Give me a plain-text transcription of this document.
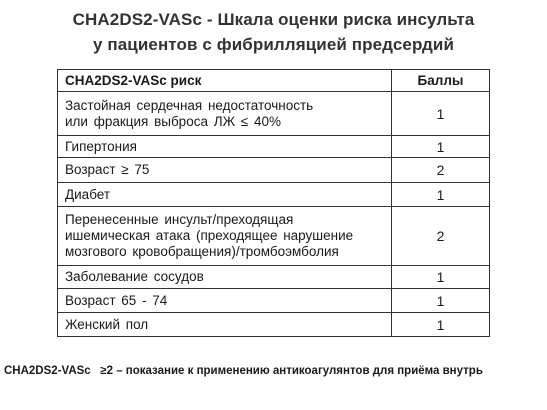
CHA2DS2-VASc - Шкала оценки риска инсульта
у пациентов с фибрилляцией предсердий
CHA2DS2-VASc риск	Баллы
Застойная сердечная недостаточность
или фракция выброса ЛЖ ≤ 40%	1
Гипертония	1
Возраст ≥ 75	2
Диабет	1
Перенесенные инсульт/преходящая
ишемическая атака (преходящее нарушение
мозгового кровобращения)/тромбоэмболия	2
Заболевание сосудов	1
Возраст 65 - 74	1
Женский пол	1
CHA2DS2-VASc ≥2 – показание к применению антикоагулянтов для приёма внутрь
